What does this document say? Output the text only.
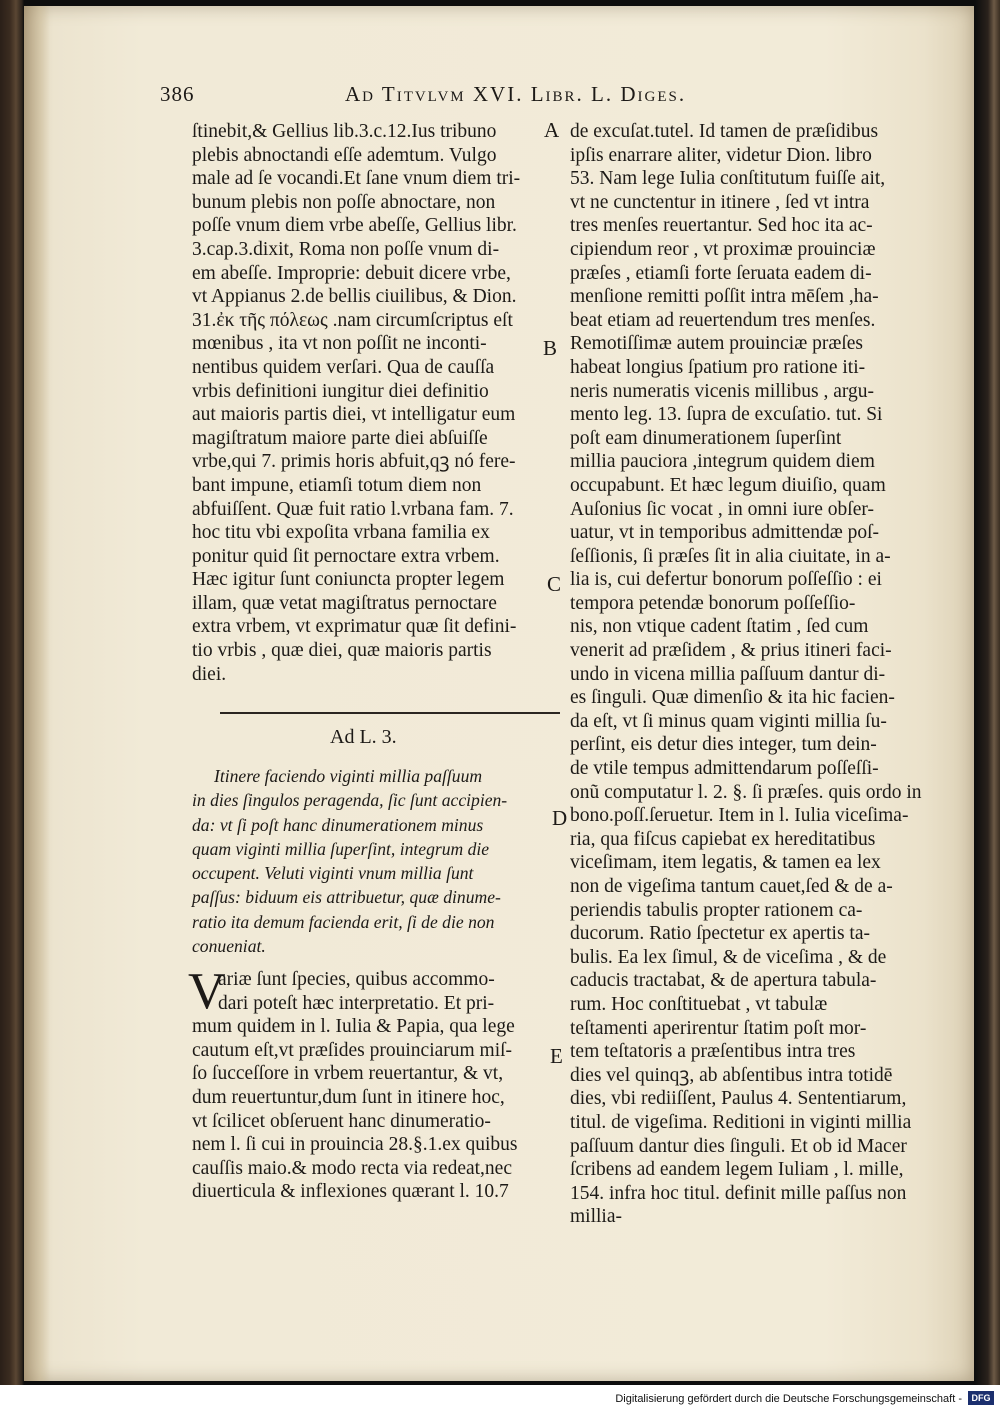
386	Ad Titvlvm XVI. Libr. L. Diges.
ſtinebit,& Gellius lib.3.c.12.Ius tribuno
plebis abnoctandi eſſe ademtum. Vulgo
male ad ſe vocandi.Et ſane vnum diem tri-
bunum plebis non poſſe abnoctare, non
poſſe vnum diem vrbe abeſſe, Gellius libr.
3.cap.3.dixit, Roma non poſſe vnum di-
em abeſſe. Improprie: debuit dicere vrbe,
vt Appianus 2.de bellis ciuilibus, & Dion.
31.ἐκ τῆς πόλεως .nam circumſcriptus eſt
mœnibus , ita vt non poſſit ne inconti-
nentibus quidem verſari. Qua de cauſſa
vrbis definitioni iungitur diei definitio
aut maioris partis diei, vt intelligatur eum
magiſtratum maiore parte diei abſuiſſe
vrbe,qui 7. primis horis abfuit,qꝫ nó fere-
bant impune, etiamſi totum diem non
abfuiſſent. Quæ fuit ratio l.vrbana fam. 7.
hoc titu vbi expoſita vrbana familia ex
ponitur quid ſit pernoctare extra vrbem.
Hæc igitur ſunt coniuncta propter legem
illam, quæ vetat magiſtratus pernoctare
extra vrbem, vt exprimatur quæ ſit defini-
tio vrbis , quæ diei, quæ maioris partis
diei.
de excuſat.tutel. Id tamen de præſidibus
ipſis enarrare aliter, videtur Dion. libro
53. Nam lege Iulia conſtitutum fuiſſe ait,
vt ne cunctentur in itinere , ſed vt intra
tres menſes reuertantur. Sed hoc ita ac-
cipiendum reor , vt proximæ prouinciæ
præſes , etiamſi forte ſeruata eadem di-
menſione remitti poſſit intra mēſem ,ha-
beat etiam ad reuertendum tres menſes.
Remotiſſimæ autem prouinciæ præſes
habeat longius ſpatium pro ratione iti-
neris numeratis vicenis millibus , argu-
mento leg. 13. ſupra de excuſatio. tut. Si
poſt eam dinumerationem ſuperſint
millia pauciora ,integrum quidem diem
occupabunt. Et hæc legum diuiſio, quam
Auſonius ſic vocat , in omni iure obſer-
uatur, vt in temporibus admittendæ poſ-
ſeſſionis, ſi præſes ſit in alia ciuitate, in a-
lia is, cui defertur bonorum poſſeſſio : ei
tempora petendæ bonorum poſſeſſio-
nis, non vtique cadent ſtatim , ſed cum
venerit ad præſidem , & prius itineri faci-
undo in vicena millia paſſuum dantur di-
es ſinguli. Quæ dimenſio & ita hic facien-
da eſt, vt ſi minus quam viginti millia ſu-
perſint, eis detur dies integer, tum dein-
de vtile tempus admittendarum poſſeſſi-
onũ computatur l. 2. §. ſi præſes. quis ordo in
bono.poſſ.ſeruetur. Item in l. Iulia viceſima-
ria, qua fiſcus capiebat ex hereditatibus
viceſimam, item legatis, & tamen ea lex
non de vigeſima tantum cauet,ſed & de a-
periendis tabulis propter rationem ca-
ducorum. Ratio ſpectetur ex apertis ta-
bulis. Ea lex ſimul, & de viceſima , & de
caducis tractabat, & de apertura tabula-
rum. Hoc conſtituebat , vt tabulæ
teſtamenti aperirentur ſtatim poſt mor-
tem teſtatoris a præſentibus intra tres
dies vel quinqꝫ, ab abſentibus intra totidē
dies, vbi rediiſſent, Paulus 4. Sententiarum,
titul. de vigeſima. Reditioni in viginti millia
paſſuum dantur dies ſinguli. Et ob id Macer
ſcribens ad eandem legem Iuliam , l. mille,
154. infra hoc titul. definit mille paſſus non
millia-
A
B
C
D
E
Ad L. 3.
Itinere faciendo viginti millia paſſuum
in dies ſingulos peragenda, ſic ſunt accipien-
da: vt ſi poſt hanc dinumerationem minus
quam viginti millia ſuperſint, integrum die
occupent. Veluti viginti vnum millia ſunt
paſſus: biduum eis attribuetur, quæ dinume-
ratio ita demum facienda erit, ſi de die non
conueniat.
V
ariæ ſunt ſpecies, quibus accommo-
dari poteſt hæc interpretatio. Et pri-
mum quidem in l. Iulia & Papia, qua lege
cautum eſt,vt præſides prouinciarum miſ-
ſo ſucceſſore in vrbem reuertantur, & vt,
dum reuertuntur,dum ſunt in itinere hoc,
vt ſcilicet obſeruent hanc dinumeratio-
nem l. ſi cui in prouincia 28.§.1.ex quibus
cauſſis maio.& modo recta via redeat,nec
diuerticula & inflexiones quærant l. 10.7
Digitalisierung gefördert durch die Deutsche Forschungsgemeinschaft -	DFG
